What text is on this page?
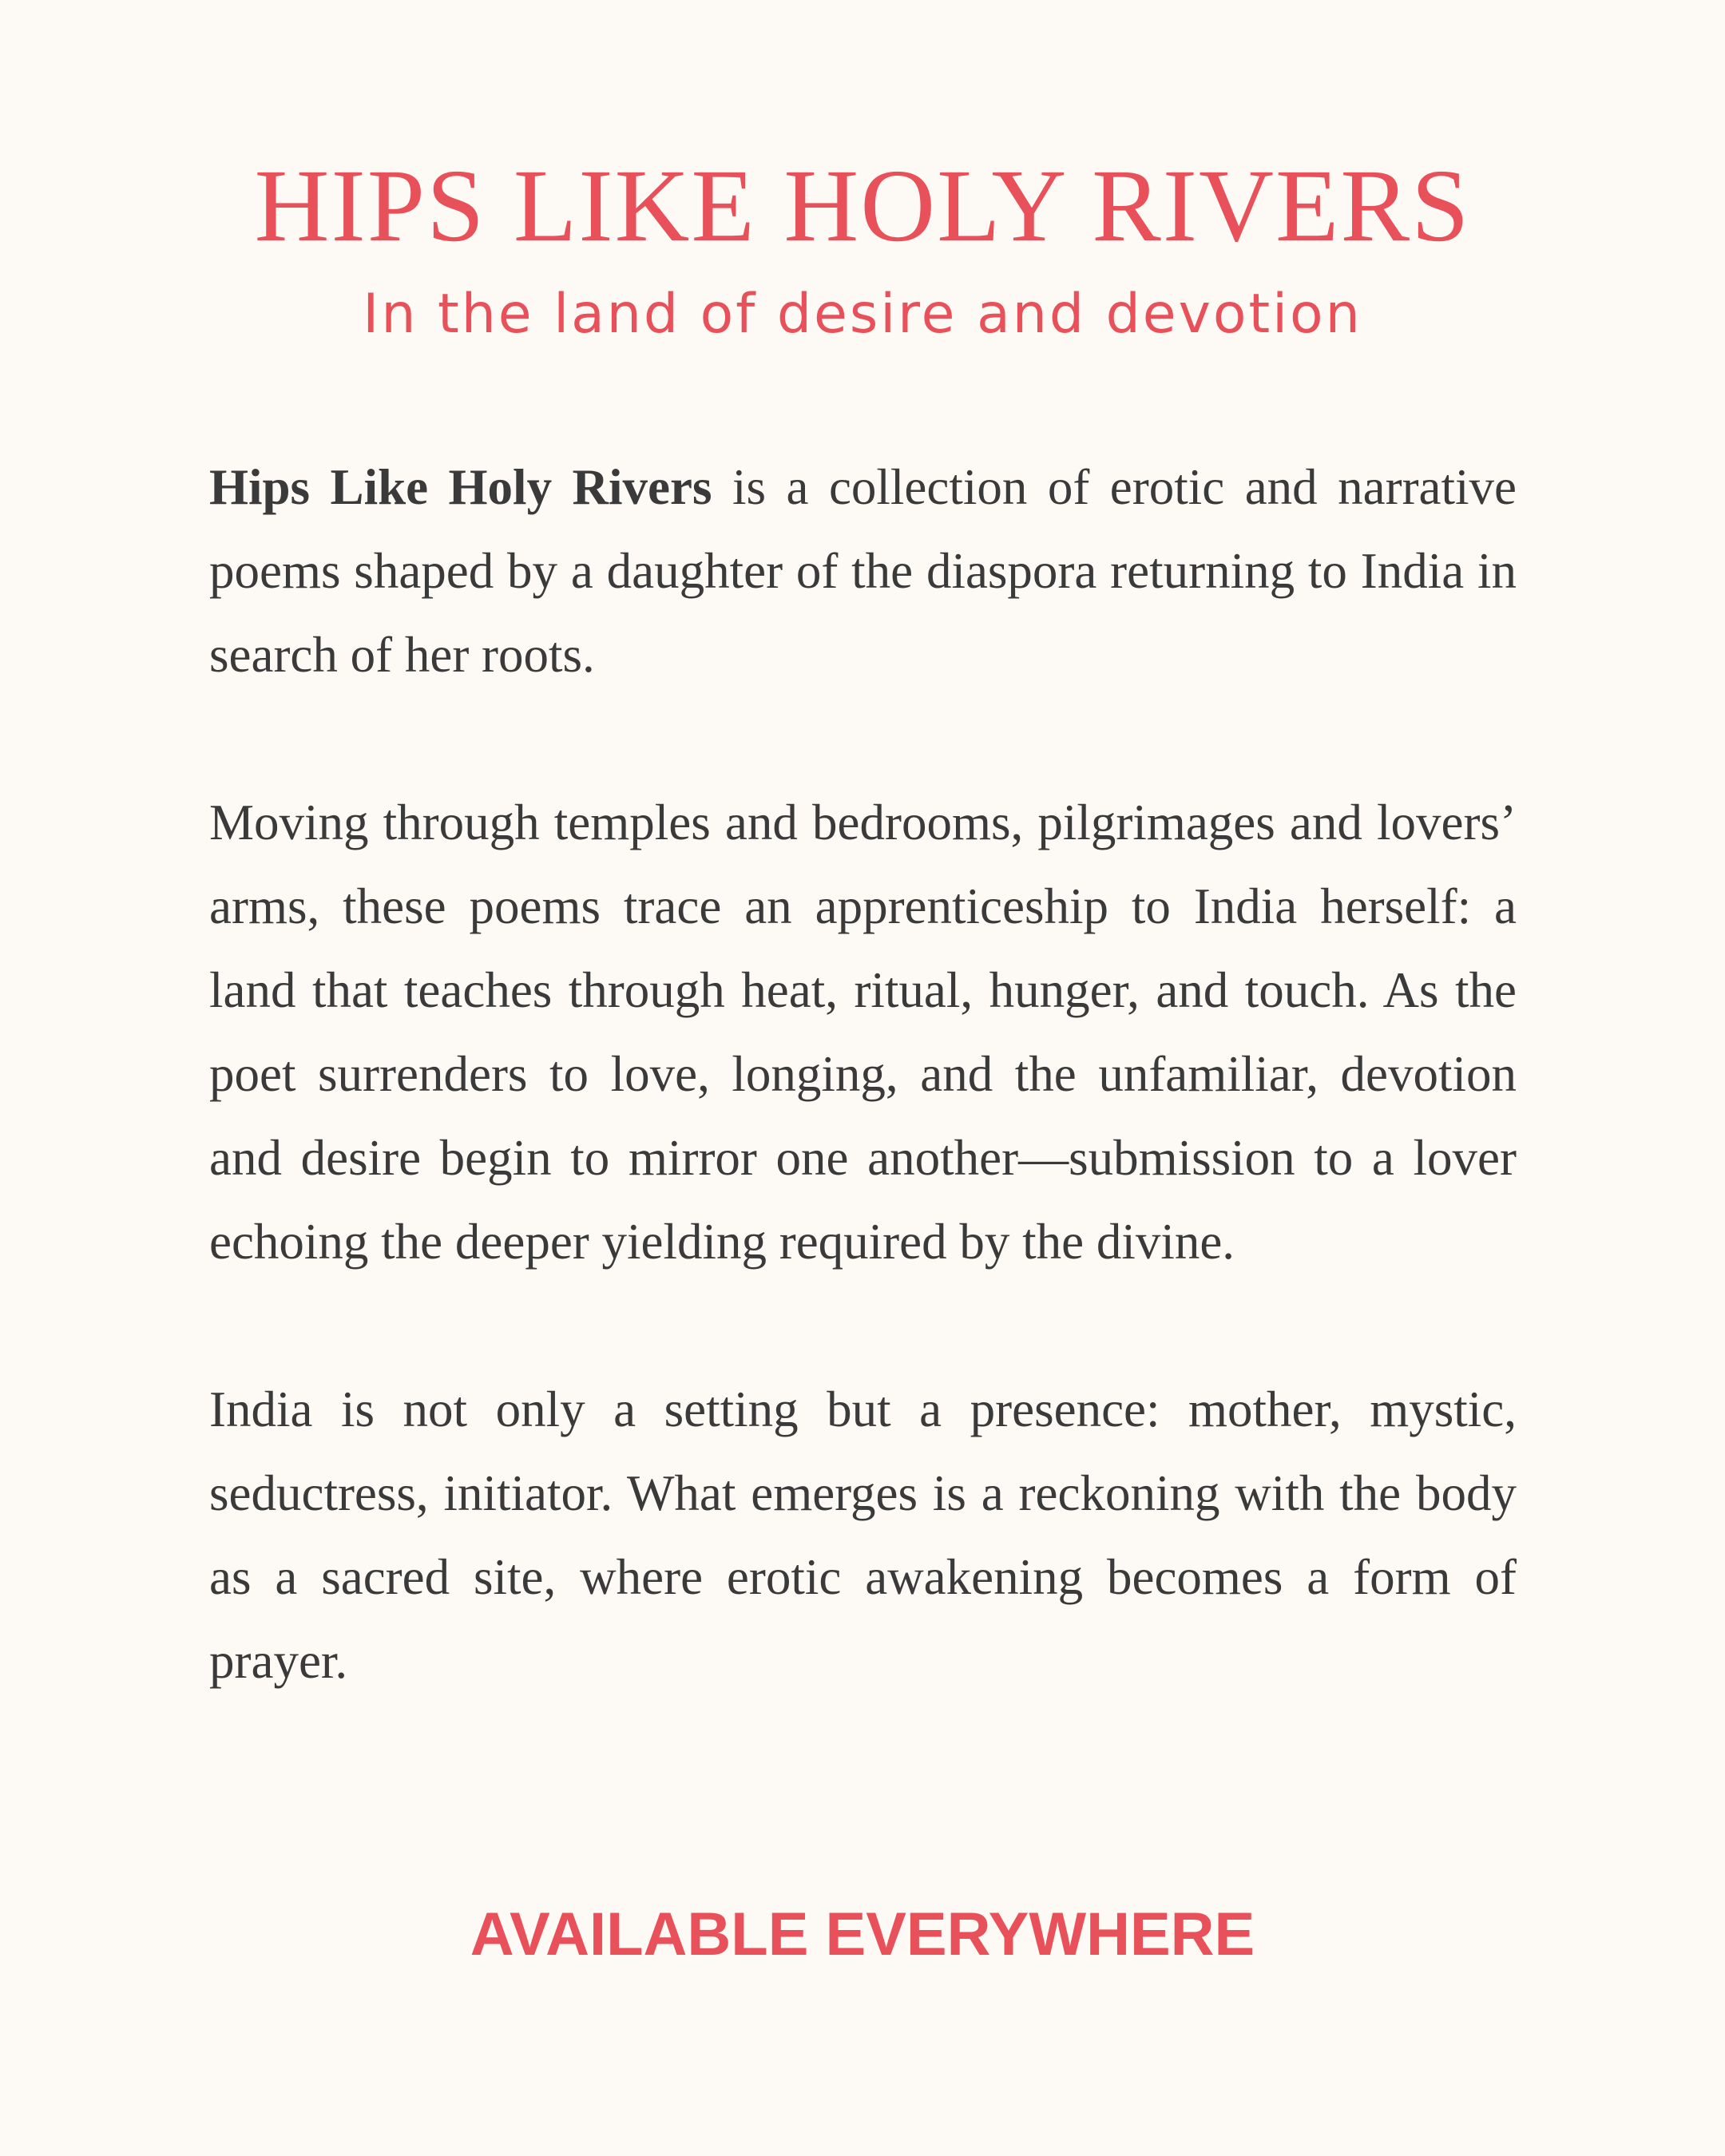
HIPS LIKE HOLY RIVERS
In the land of desire and devotion

Hips Like Holy Rivers is a collection of erotic and narrative poems shaped by a daughter of the diaspora returning to India in search of her roots.

Moving through temples and bedrooms, pilgrimages and lovers’ arms, these poems trace an apprenticeship to India herself: a land that teaches through heat, ritual, hunger, and touch. As the poet surrenders to love, longing, and the unfamiliar, devotion and desire begin to mirror one another—submission to a lover echoing the deeper yielding required by the divine.

India is not only a setting but a presence: mother, mystic, seductress, initiator. What emerges is a reckoning with the body as a sacred site, where erotic awakening becomes a form of prayer.

AVAILABLE EVERYWHERE
